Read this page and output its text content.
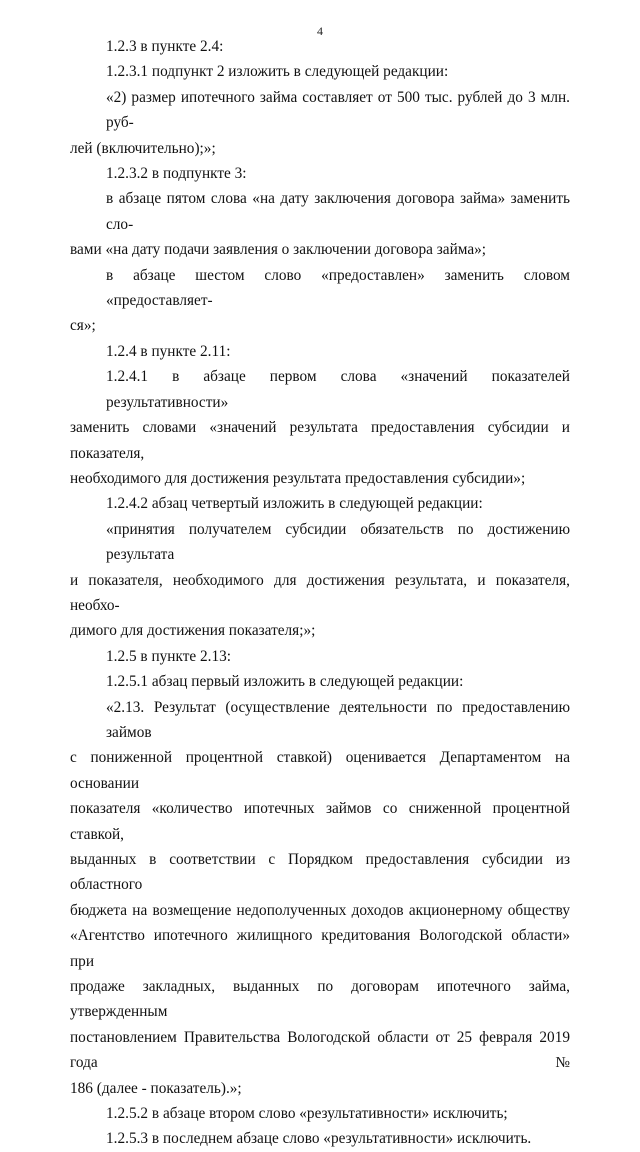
4
1.2.3 в пункте 2.4:
1.2.3.1 подпункт 2 изложить в следующей редакции:
«2) размер ипотечного займа составляет от 500 тыс. рублей до 3 млн. руб-
лей (включительно);»;
1.2.3.2 в подпункте 3:
в абзаце пятом слова «на дату заключения договора займа» заменить сло-
вами «на дату подачи заявления о заключении договора займа»;
в абзаце шестом слово «предоставлен» заменить словом «предоставляет-
ся»;
1.2.4 в пункте 2.11:
1.2.4.1 в абзаце первом слова «значений показателей результативности»
заменить словами «значений результата предоставления субсидии и показателя,
необходимого для достижения результата предоставления субсидии»;
1.2.4.2 абзац четвертый изложить в следующей редакции:
«принятия получателем субсидии обязательств по достижению результата
и показателя, необходимого для достижения результата, и показателя, необхо-
димого для достижения показателя;»;
1.2.5 в пункте 2.13:
1.2.5.1 абзац первый изложить в следующей редакции:
«2.13. Результат (осуществление деятельности по предоставлению займов
с пониженной процентной ставкой) оценивается Департаментом на основании
показателя «количество ипотечных займов со сниженной процентной ставкой,
выданных в соответствии с Порядком предоставления субсидии из областного
бюджета на возмещение недополученных доходов акционерному обществу
«Агентство ипотечного жилищного кредитования Вологодской области» при
продаже закладных, выданных по договорам ипотечного займа, утвержденным
постановлением Правительства Вологодской области от 25 февраля 2019 года №
186 (далее - показатель).»;
1.2.5.2 в абзаце втором слово «результативности» исключить;
1.2.5.3 в последнем абзаце слово «результативности» исключить.
